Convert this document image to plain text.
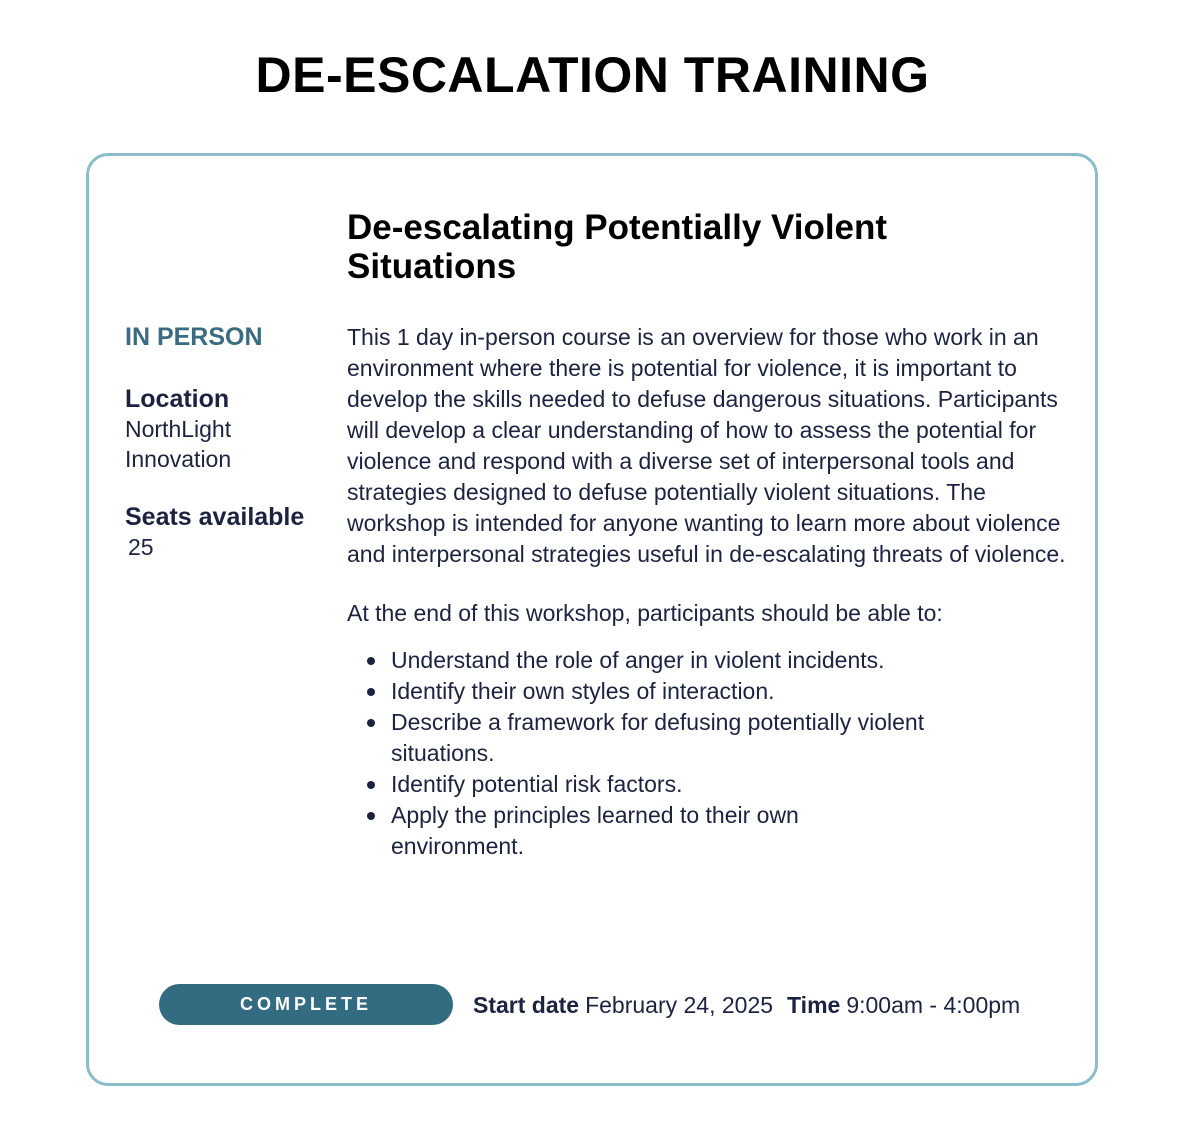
DE-ESCALATION TRAINING
De-escalating Potentially Violent Situations

IN PERSON

Location

NorthLight Innovation

Seats available

25

This 1 day in-person course is an overview for those who work in an environment where there is potential for violence, it is important to develop the skills needed to defuse dangerous situations. Participants will develop a clear understanding of how to assess the potential for violence and respond with a diverse set of interpersonal tools and strategies designed to defuse potentially violent situations. The workshop is intended for anyone wanting to learn more about violence and interpersonal strategies useful in de-escalating threats of violence.

At the end of this workshop, participants should be able to:

Understand the role of anger in violent incidents.
Identify their own styles of interaction.
Describe a framework for defusing potentially violent situations.
Identify potential risk factors.
Apply the principles learned to their own environment.
COMPLETE	Start date February 24, 2025 Time 9:00am - 4:00pm
